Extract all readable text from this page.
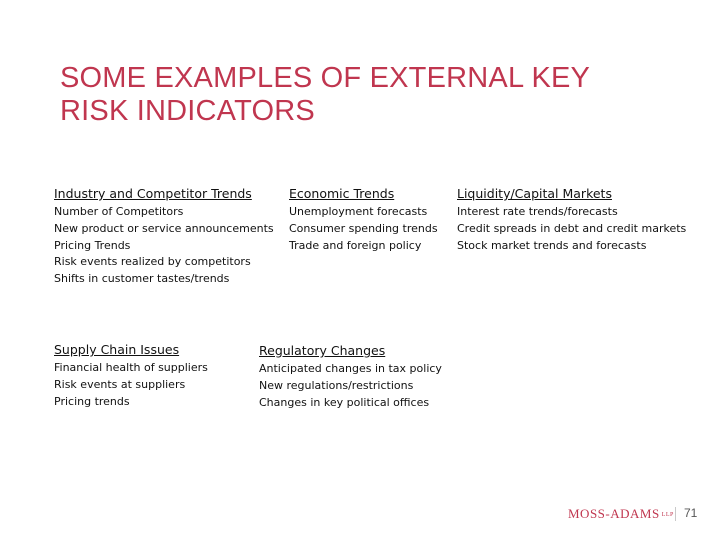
SOME EXAMPLES OF EXTERNAL KEY
RISK INDICATORS
Industry and Competitor Trends
Number of Competitors
New product or service announcements
Pricing Trends
Risk events realized by competitors
Shifts in customer tastes/trends
Economic Trends
Unemployment forecasts
Consumer spending trends
Trade and foreign policy
Liquidity/Capital Markets
Interest rate trends/forecasts
Credit spreads in debt and credit markets
Stock market trends and forecasts
Supply Chain Issues
Financial health of suppliers
Risk events at suppliers
Pricing trends
Regulatory Changes
Anticipated changes in tax policy
New regulations/restrictions
Changes in key political offices
MOSS-ADAMS LLP 71
